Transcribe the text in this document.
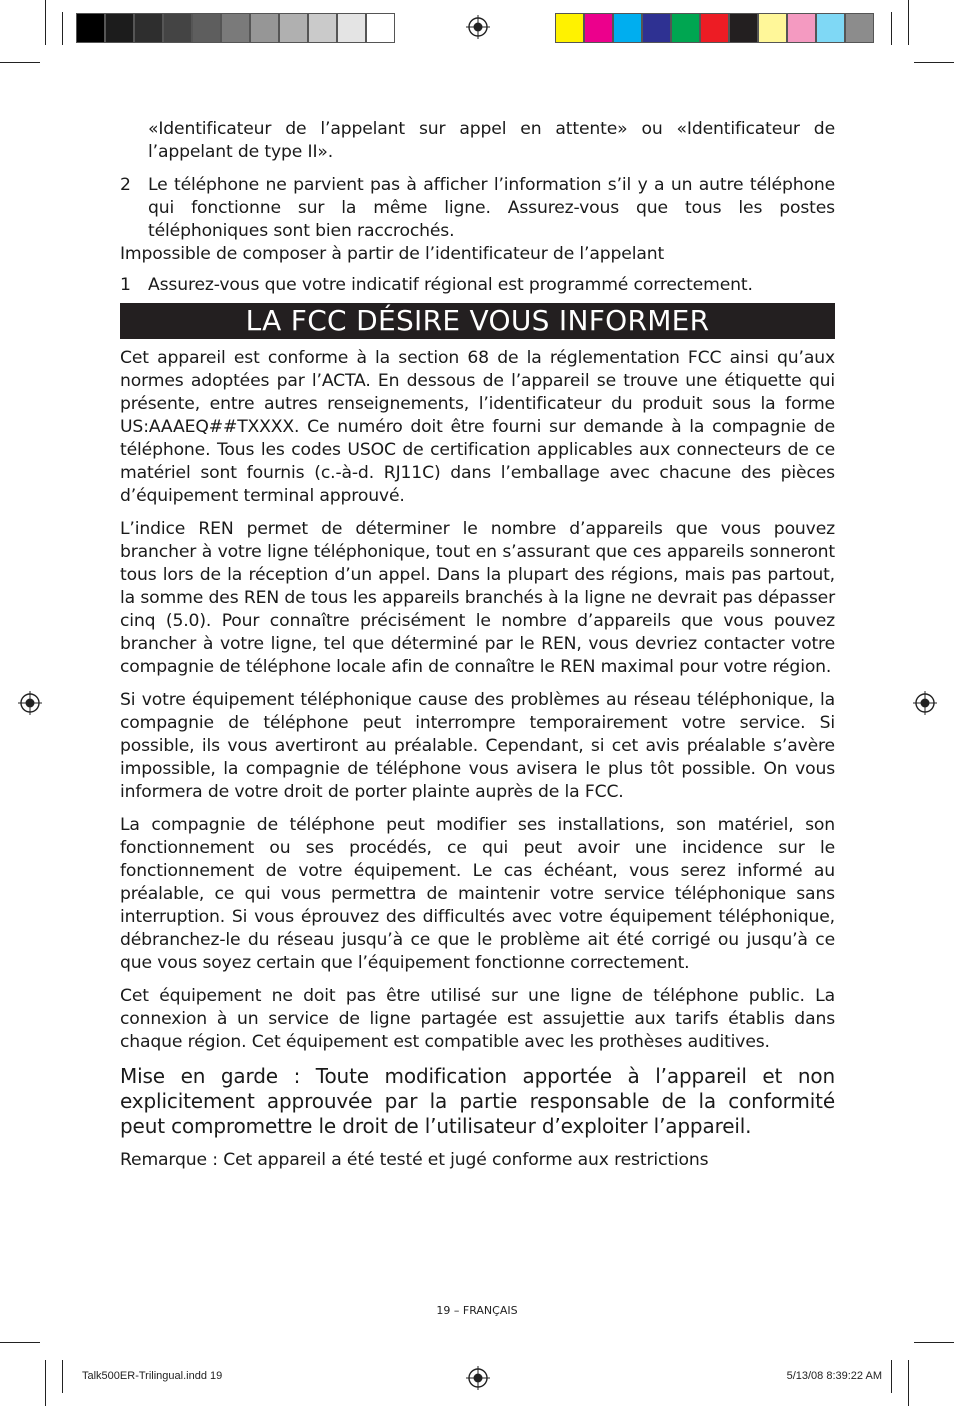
«Identificateur de l’appelant sur appel en attente» ou «Identificateur de l’appelant de type II».

2	Le téléphone ne parvient pas à afficher l’information s’il y a un autre téléphone qui fonctionne sur la même ligne. Assurez-vous que tous les postes téléphoniques sont bien raccrochés.

Impossible de composer à partir de l’identificateur de l’appelant

1	Assurez-vous que votre indicatif régional est programmé correctement.
LA FCC DÉSIRE VOUS INFORMER

Cet appareil est conforme à la section 68 de la réglementation FCC ainsi qu’aux normes adoptées par l’ACTA. En dessous de l’appareil se trouve une étiquette qui présente, entre autres renseignements, l’identificateur du produit sous la forme US:AAAEQ##TXXXX. Ce numéro doit être fourni sur demande à la compagnie de téléphone. Tous les codes USOC de certification applicables aux connecteurs de ce matériel sont fournis (c.-à-d. RJ11C) dans l’emballage avec chacune des pièces d’équipement terminal approuvé.

L’indice REN permet de déterminer le nombre d’appareils que vous pouvez brancher à votre ligne téléphonique, tout en s’assurant que ces appareils sonneront tous lors de la réception d’un appel. Dans la plupart des régions, mais pas partout, la somme des REN de tous les appareils branchés à la ligne ne devrait pas dépasser cinq (5.0). Pour connaître précisément le nombre d’appareils que vous pouvez brancher à votre ligne, tel que déterminé par le REN, vous devriez contacter votre compagnie de téléphone locale afin de connaître le REN maximal pour votre région.

Si votre équipement téléphonique cause des problèmes au réseau téléphonique, la compagnie de téléphone peut interrompre temporairement votre service. Si possible, ils vous avertiront au préalable. Cependant, si cet avis préalable s’avère impossible, la compagnie de téléphone vous avisera le plus tôt possible. On vous informera de votre droit de porter plainte auprès de la FCC.

La compagnie de téléphone peut modifier ses installations, son matériel, son fonctionnement ou ses procédés, ce qui peut avoir une incidence sur le fonctionnement de votre équipement. Le cas échéant, vous serez informé au préalable, ce qui vous permettra de maintenir votre service téléphonique sans interruption. Si vous éprouvez des difficultés avec votre équipement téléphonique, débranchez-le du réseau jusqu’à ce que le problème ait été corrigé ou jusqu’à ce que vous soyez certain que l’équipement fonctionne correctement.

Cet équipement ne doit pas être utilisé sur une ligne de téléphone public. La connexion à un service de ligne partagée est assujettie aux tarifs établis dans chaque région. Cet équipement est compatible avec les prothèses auditives.

Mise en garde : Toute modification apportée à l’appareil et non explicitement approuvée par la partie responsable de la conformité peut compromettre le droit de l’utilisateur d’exploiter l’appareil.

Remarque : Cet appareil a été testé et jugé conforme aux restrictions

19 – FRANÇAIS
Talk500ER-Trilingual.indd 19	5/13/08 8:39:22 AM
